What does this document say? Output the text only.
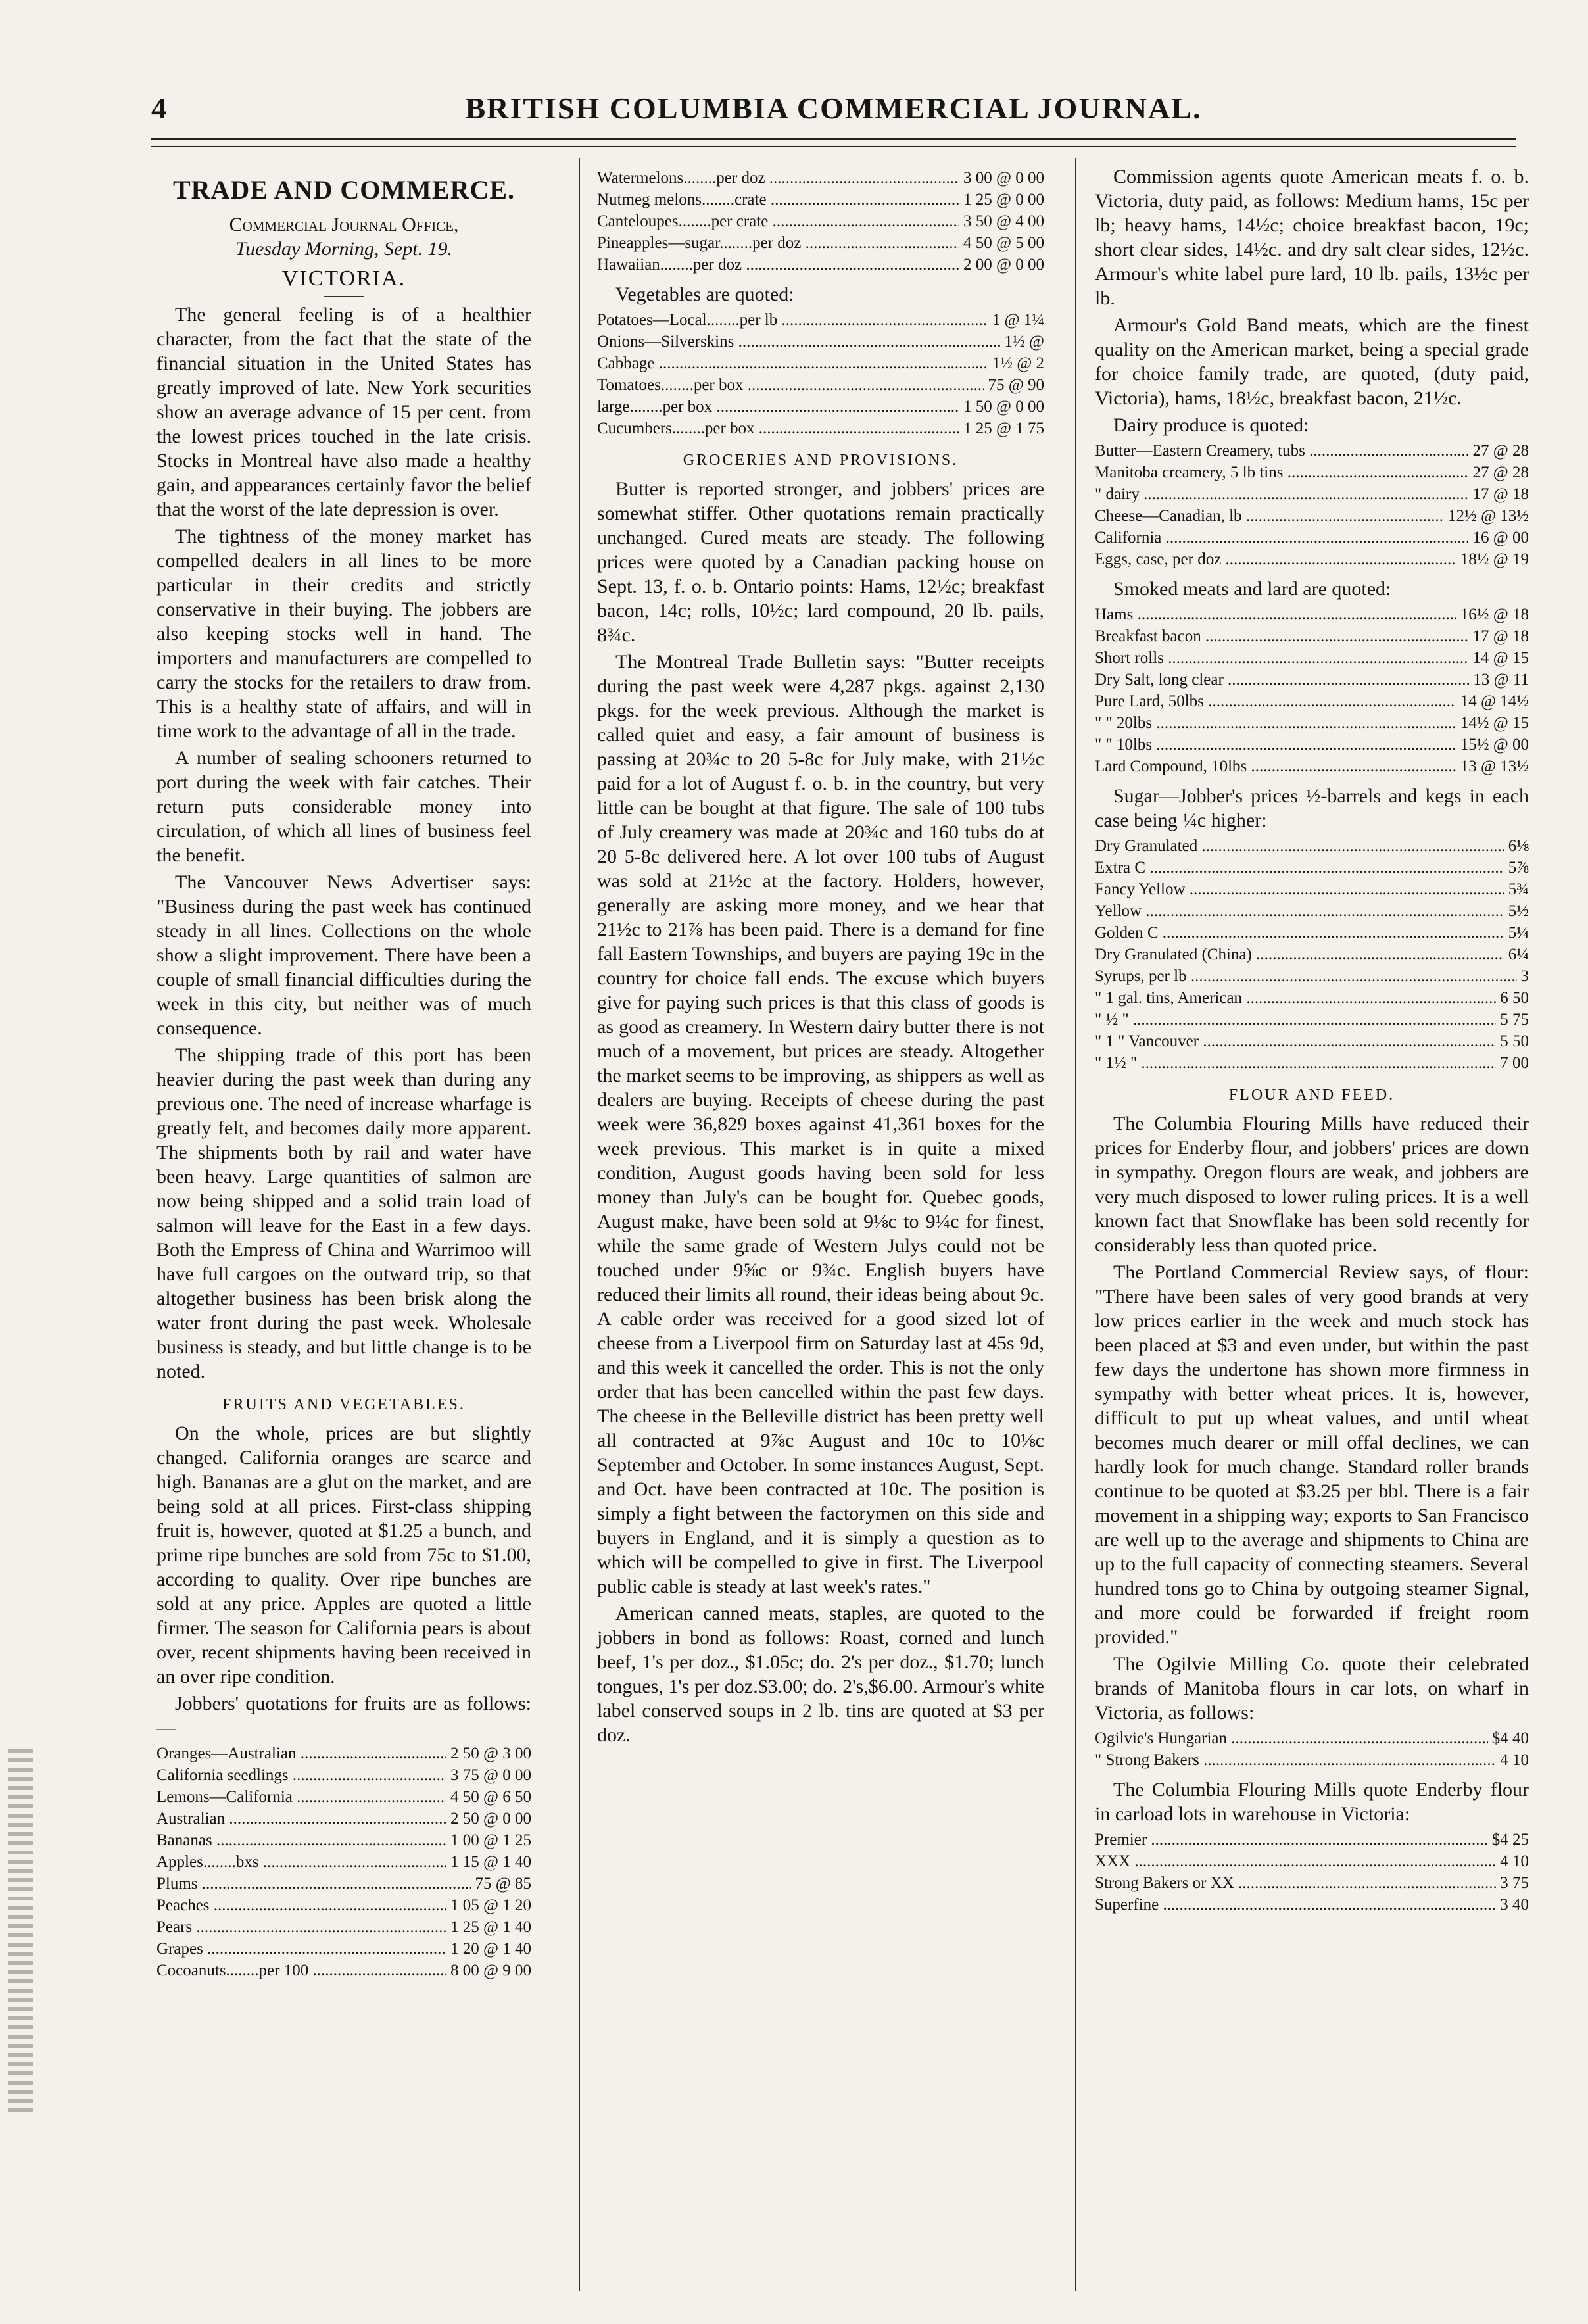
4	BRITISH COLUMBIA COMMERCIAL JOURNAL.
TRADE AND COMMERCE.
Commercial Journal Office,
Tuesday Morning, Sept. 19.
VICTORIA.

The general feeling is of a healthier character, from the fact that the state of the financial situation in the United States has greatly improved of late. New York securities show an average advance of 15 per cent. from the lowest prices touched in the late crisis. Stocks in Montreal have also made a healthy gain, and appearances certainly favor the belief that the worst of the late depression is over.

The tightness of the money market has compelled dealers in all lines to be more particular in their credits and strictly conservative in their buying. The jobbers are also keeping stocks well in hand. The importers and manufacturers are compelled to carry the stocks for the retailers to draw from. This is a healthy state of affairs, and will in time work to the advantage of all in the trade.

A number of sealing schooners returned to port during the week with fair catches. Their return puts considerable money into circulation, of which all lines of business feel the benefit.

The Vancouver News Advertiser says: "Business during the past week has continued steady in all lines. Collections on the whole show a slight improvement. There have been a couple of small financial difficulties during the week in this city, but neither was of much consequence.

The shipping trade of this port has been heavier during the past week than during any previous one. The need of increase wharfage is greatly felt, and becomes daily more apparent. The shipments both by rail and water have been heavy. Large quantities of salmon are now being shipped and a solid train load of salmon will leave for the East in a few days. Both the Empress of China and Warrimoo will have full cargoes on the outward trip, so that altogether business has been brisk along the water front during the past week. Wholesale business is steady, and but little change is to be noted.

FRUITS AND VEGETABLES.

On the whole, prices are but slightly changed. California oranges are scarce and high. Bananas are a glut on the market, and are being sold at all prices. First-class shipping fruit is, however, quoted at $1.25 a bunch, and prime ripe bunches are sold from 75c to $1.00, according to quality. Over ripe bunches are sold at any price. Apples are quoted a little firmer. The season for California pears is about over, recent shipments having been received in an over ripe condition.

Jobbers' quotations for fruits are as follows:—

Oranges—Australian .....	2 50 @ 3 00
California seedlings .....	3 75 @ 0 00
Lemons—California .....	4 50 @ 6 50
Australian .....	2 50 @ 0 00
Bananas .....	1 00 @ 1 25
Apples........bxs .....	1 15 @ 1 40
Plums .....	75 @ 85
Peaches .....	1 05 @ 1 20
Pears .....	1 25 @ 1 40
Grapes .....	1 20 @ 1 40
Cocoanuts........per 100 .....	8 00 @ 9 00
Watermelons........per doz .....	3 00 @ 0 00
Nutmeg melons........crate .....	1 25 @ 0 00
Canteloupes........per crate .....	3 50 @ 4 00
Pineapples—sugar........per doz .....	4 50 @ 5 00
Hawaiian........per doz .....	2 00 @ 0 00

Vegetables are quoted:

Potatoes—Local........per lb .....	1 @ 1¼
Onions—Silverskins .....	1½ @
Cabbage .....	1½ @ 2
Tomatoes........per box .....	75 @ 90
large........per box .....	1 50 @ 0 00
Cucumbers........per box .....	1 25 @ 1 75
GROCERIES AND PROVISIONS.

Butter is reported stronger, and jobbers' prices are somewhat stiffer. Other quotations remain practically unchanged. Cured meats are steady. The following prices were quoted by a Canadian packing house on Sept. 13, f. o. b. Ontario points: Hams, 12½c; breakfast bacon, 14c; rolls, 10½c; lard compound, 20 lb. pails, 8¾c.

The Montreal Trade Bulletin says: "Butter receipts during the past week were 4,287 pkgs. against 2,130 pkgs. for the week previous. Although the market is called quiet and easy, a fair amount of business is passing at 20¾c to 20 5-8c for July make, with 21½c paid for a lot of August f. o. b. in the country, but very little can be bought at that figure. The sale of 100 tubs of July creamery was made at 20¾c and 160 tubs do at 20 5-8c delivered here. A lot over 100 tubs of August was sold at 21½c at the factory. Holders, however, generally are asking more money, and we hear that 21½c to 21⅞ has been paid. There is a demand for fine fall Eastern Townships, and buyers are paying 19c in the country for choice fall ends. The excuse which buyers give for paying such prices is that this class of goods is as good as creamery. In Western dairy butter there is not much of a movement, but prices are steady. Altogether the market seems to be improving, as shippers as well as dealers are buying. Receipts of cheese during the past week were 36,829 boxes against 41,361 boxes for the week previous. This market is in quite a mixed condition, August goods having been sold for less money than July's can be bought for. Quebec goods, August make, have been sold at 9⅛c to 9¼c for finest, while the same grade of Western Julys could not be touched under 9⅝c or 9¾c. English buyers have reduced their limits all round, their ideas being about 9c. A cable order was received for a good sized lot of cheese from a Liverpool firm on Saturday last at 45s 9d, and this week it cancelled the order. This is not the only order that has been cancelled within the past few days. The cheese in the Belleville district has been pretty well all contracted at 9⅞c August and 10c to 10⅛c September and October. In some instances August, Sept. and Oct. have been contracted at 10c. The position is simply a fight between the factorymen on this side and buyers in England, and it is simply a question as to which will be compelled to give in first. The Liverpool public cable is steady at last week's rates."

American canned meats, staples, are quoted to the jobbers in bond as follows: Roast, corned and lunch beef, 1's per doz., $1.05c; do. 2's per doz., $1.70; lunch tongues, 1's per doz.$3.00; do. 2's,$6.00. Armour's white label conserved soups in 2 lb. tins are quoted at $3 per doz.

Commission agents quote American meats f. o. b. Victoria, duty paid, as follows: Medium hams, 15c per lb; heavy hams, 14½c; choice breakfast bacon, 19c; short clear sides, 14½c. and dry salt clear sides, 12½c. Armour's white label pure lard, 10 lb. pails, 13½c per lb.

Armour's Gold Band meats, which are the finest quality on the American market, being a special grade for choice family trade, are quoted, (duty paid, Victoria), hams, 18½c, breakfast bacon, 21½c.

Dairy produce is quoted:

Butter—Eastern Creamery, tubs .....	27 @ 28
Manitoba creamery, 5 lb tins .....	27 @ 28
" dairy .....	17 @ 18
Cheese—Canadian, lb .....	12½ @ 13½
California .....	16 @ 00
Eggs, case, per doz .....	18½ @ 19

Smoked meats and lard are quoted:

Hams .....	16½ @ 18
Breakfast bacon .....	17 @ 18
Short rolls .....	14 @ 15
Dry Salt, long clear .....	13 @ 11
Pure Lard, 50lbs .....	14 @ 14½
" " 20lbs .....	14½ @ 15
" " 10lbs .....	15½ @ 00
Lard Compound, 10lbs .....	13 @ 13½

Sugar—Jobber's prices ½-barrels and kegs in each case being ¼c higher:

Dry Granulated .....	6⅛
Extra C .....	5⅞
Fancy Yellow .....	5¾
Yellow .....	5½
Golden C .....	5¼
Dry Granulated (China) .....	6¼
Syrups, per lb .....	3
" 1 gal. tins, American .....	6 50
" ½ " .....	5 75
" 1 " Vancouver .....	5 50
" 1½ " .....	7 00
FLOUR AND FEED.

The Columbia Flouring Mills have reduced their prices for Enderby flour, and jobbers' prices are down in sympathy. Oregon flours are weak, and jobbers are very much disposed to lower ruling prices. It is a well known fact that Snowflake has been sold recently for considerably less than quoted price.

The Portland Commercial Review says, of flour: "There have been sales of very good brands at very low prices earlier in the week and much stock has been placed at $3 and even under, but within the past few days the undertone has shown more firmness in sympathy with better wheat prices. It is, however, difficult to put up wheat values, and until wheat becomes much dearer or mill offal declines, we can hardly look for much change. Standard roller brands continue to be quoted at $3.25 per bbl. There is a fair movement in a shipping way; exports to San Francisco are well up to the average and shipments to China are up to the full capacity of connecting steamers. Several hundred tons go to China by outgoing steamer Signal, and more could be forwarded if freight room provided."

The Ogilvie Milling Co. quote their celebrated brands of Manitoba flours in car lots, on wharf in Victoria, as follows:

Ogilvie's Hungarian .....	$4 40
" Strong Bakers .....	4 10

The Columbia Flouring Mills quote Enderby flour in carload lots in warehouse in Victoria:

Premier .....	$4 25
XXX .....	4 10
Strong Bakers or XX .....	3 75
Superfine .....	3 40
